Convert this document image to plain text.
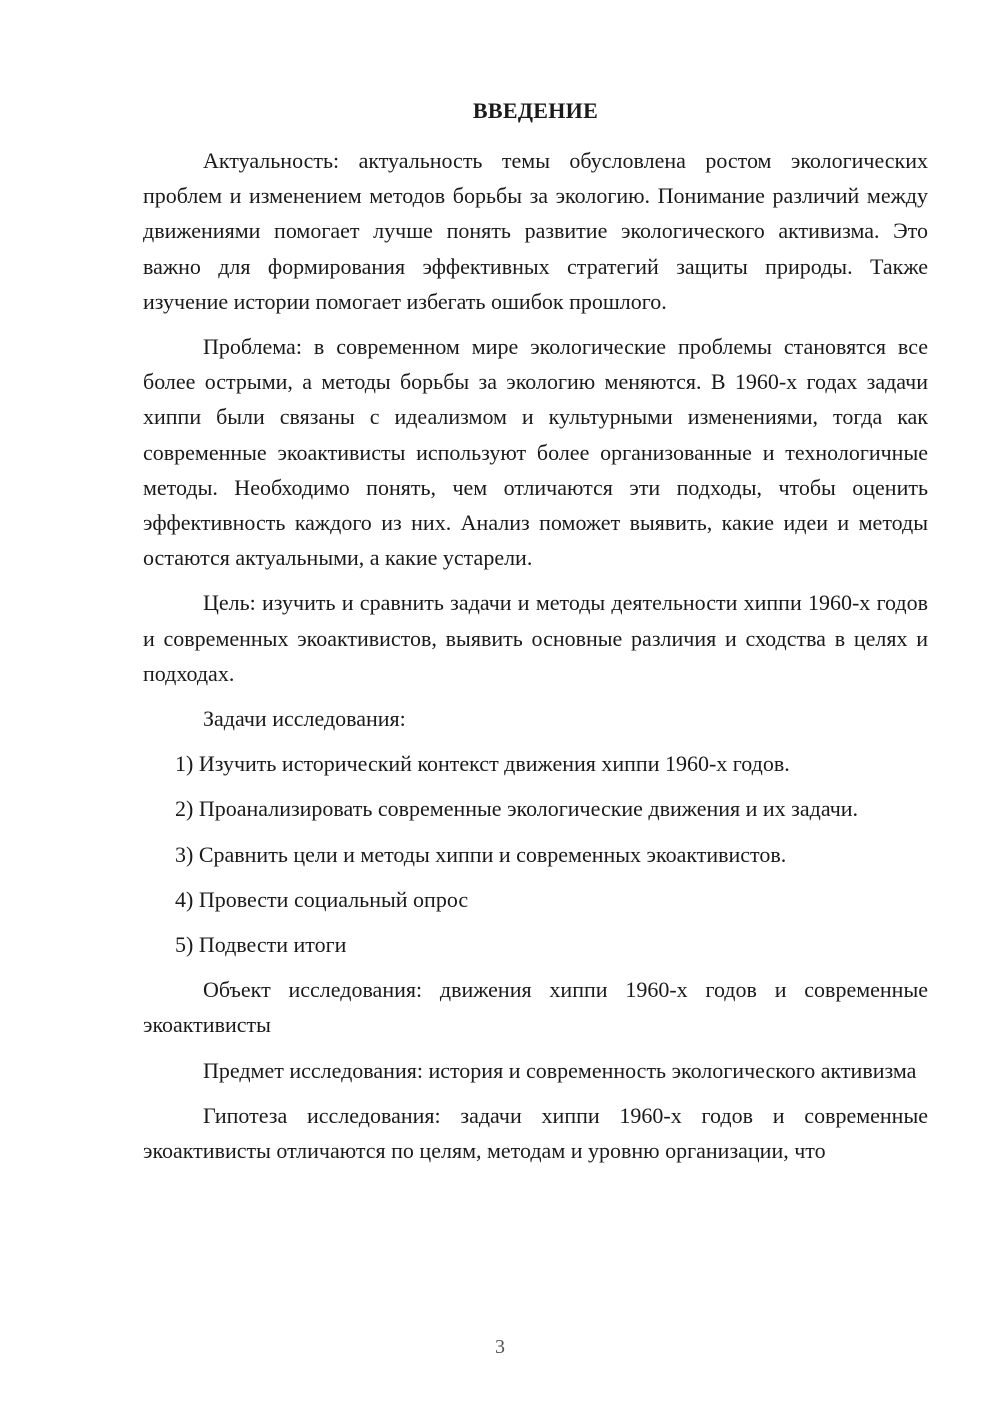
ВВЕДЕНИЕ

Актуальность: актуальность темы обусловлена ростом экологических проблем и изменением методов борьбы за экологию. Понимание различий между движениями помогает лучше понять развитие экологического активизма. Это важно для формирования эффективных стратегий защиты природы. Также изучение истории помогает избегать ошибок прошлого.

Проблема: в современном мире экологические проблемы становятся все более острыми, а методы борьбы за экологию меняются. В 1960‑х годах задачи хиппи были связаны с идеализмом и культурными изменениями, тогда как современные экоактивисты используют более организованные и технологичные методы. Необходимо понять, чем отличаются эти подходы, чтобы оценить эффективность каждого из них. Анализ поможет выявить, какие идеи и методы остаются актуальными, а какие устарели.

Цель: изучить и сравнить задачи и методы деятельности хиппи 1960‑х годов и современных экоактивистов, выявить основные различия и сходства в целях и подходах.

Задачи исследования:

1) Изучить исторический контекст движения хиппи 1960‑х годов.

2) Проанализировать современные экологические движения и их задачи.

3) Сравнить цели и методы хиппи и современных экоактивистов.

4) Провести социальный опрос

5) Подвести итоги

Объект исследования: движения хиппи 1960‑х годов и современные экоактивисты

Предмет исследования: история и современность экологического активизма

Гипотеза исследования: задачи хиппи 1960‑х годов и современные экоактивисты отличаются по целям, методам и уровню организации, что

3
